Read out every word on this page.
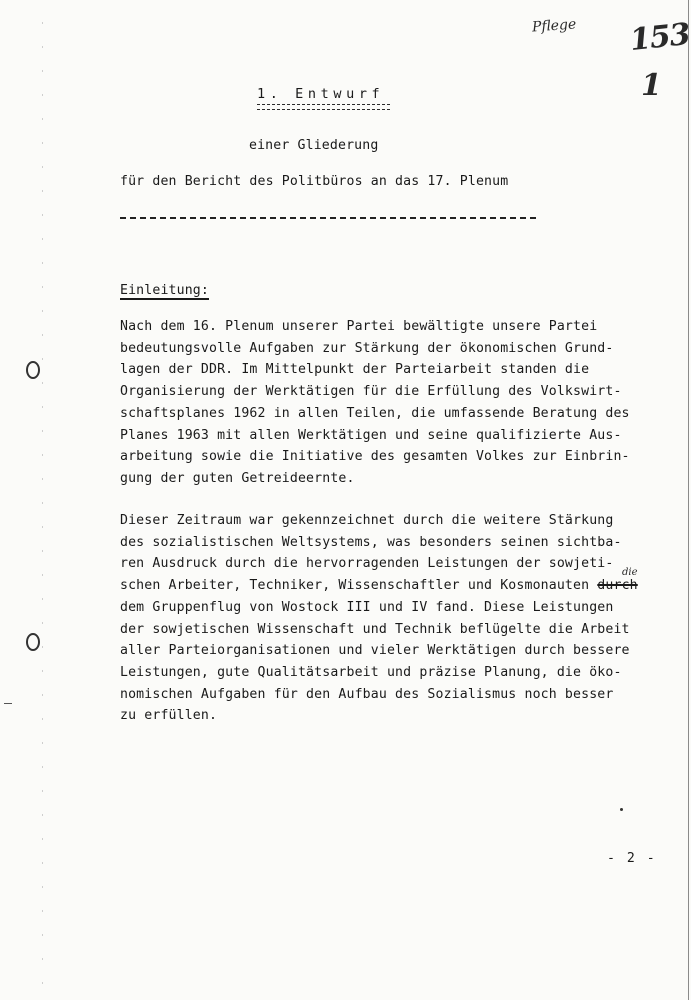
Pflege 153
1
1. Entwurf
einer Gliederung
für den Bericht des Politbüros an das 17. Plenum
Einleitung:
Nach dem 16. Plenum unserer Partei bewältigte unsere Partei
bedeutungsvolle Aufgaben zur Stärkung der ökonomischen Grund-
lagen der DDR. Im Mittelpunkt der Parteiarbeit standen die
Organisierung der Werktätigen für die Erfüllung des Volkswirt-
schaftsplanes 1962 in allen Teilen, die umfassende Beratung des
Planes 1963 mit allen Werktätigen und seine qualifizierte Aus-
arbeitung sowie die Initiative des gesamten Volkes zur Einbrin-
gung der guten Getreideernte.
Dieser Zeitraum war gekennzeichnet durch die weitere Stärkung
des sozialistischen Weltsystems, was besonders seinen sichtba-
ren Ausdruck durch die hervorragenden Leistungen der sowjeti-
schen Arbeiter, Techniker, Wissenschaftler und Kosmonauten durch
dem Gruppenflug von Wostock III und IV fand. Diese Leistungen
der sowjetischen Wissenschaft und Technik beflügelte die Arbeit
aller Parteiorganisationen und vieler Werktätigen durch bessere
Leistungen, gute Qualitätsarbeit und präzise Planung, die öko-
nomischen Aufgaben für den Aufbau des Sozialismus noch besser
zu erfüllen.
die
- 2 -
